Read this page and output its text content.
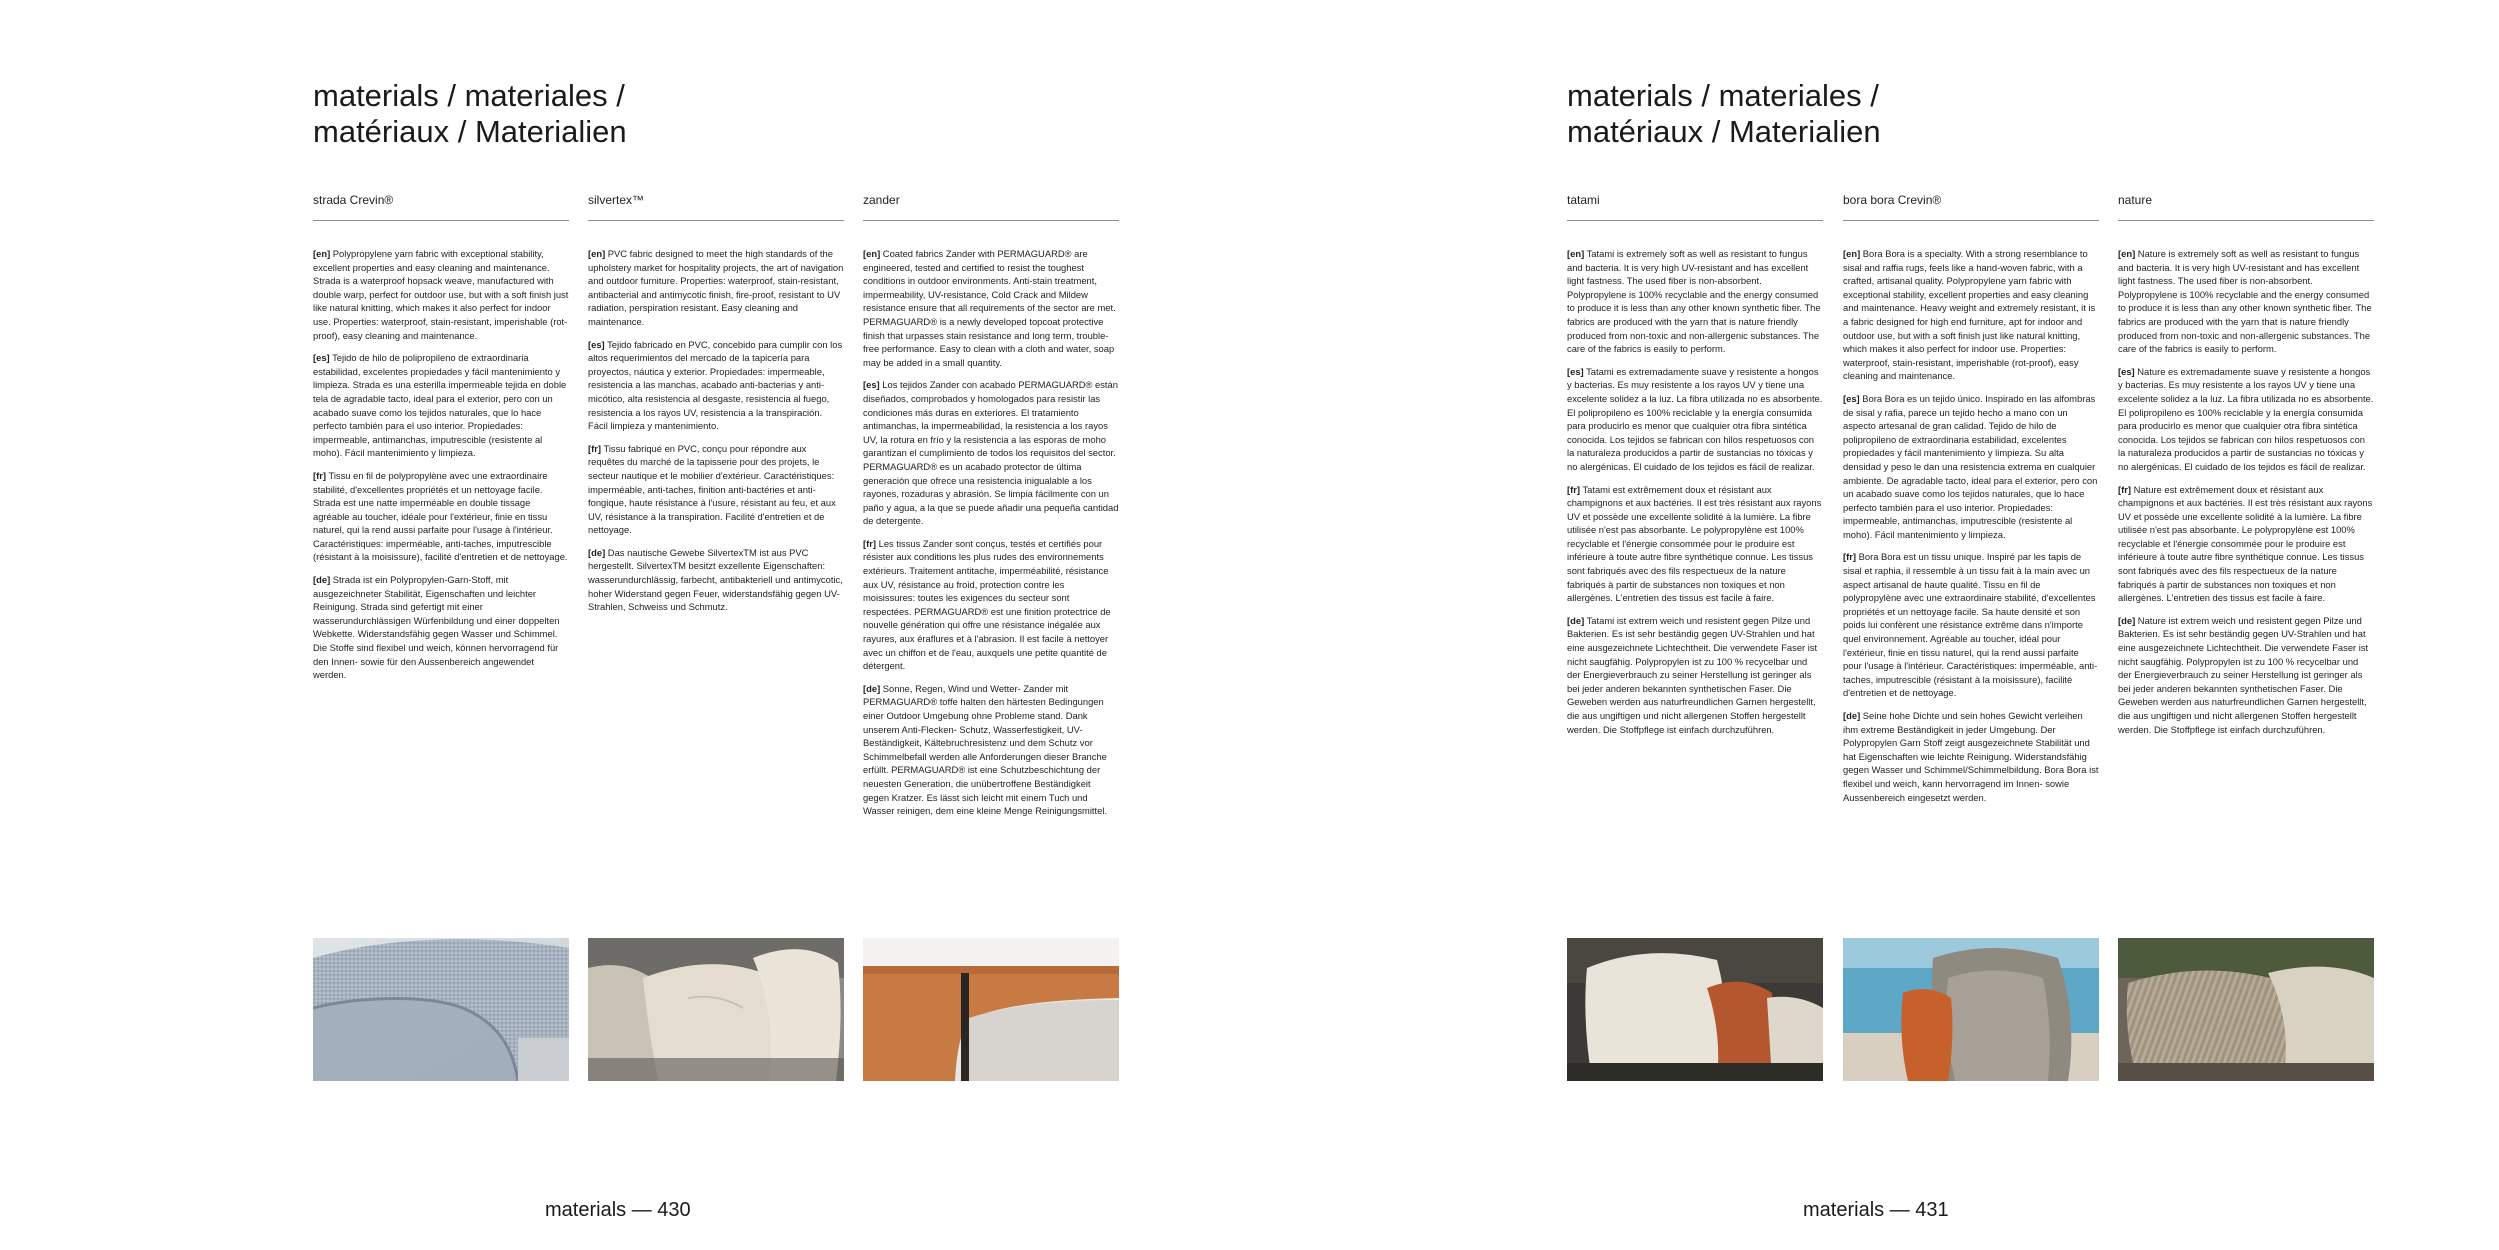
materials / materiales /
matériaux / Materialien
strada Crevin®

[en] Polypropylene yarn fabric with exceptional stability, excellent properties and easy cleaning and maintenance. Strada is a waterproof hopsack weave, manufactured with double warp, perfect for outdoor use, but with a soft finish just like natural knitting, which makes it also perfect for indoor use. Properties: waterproof, stain-resistant, imperishable (rot-proof), easy cleaning and maintenance.

[es] Tejido de hilo de polipropileno de extraordinaria estabilidad, excelentes propiedades y fácil mantenimiento y limpieza. Strada es una esterilla impermeable tejida en doble tela de agradable tacto, ideal para el exterior, pero con un acabado suave como los tejidos naturales, que lo hace perfecto también para el uso interior. Propiedades: impermeable, antimanchas, imputrescible (resistente al moho). Fácil mantenimiento y limpieza.

[fr] Tissu en fil de polypropylène avec une extraordinaire stabilité, d'excellentes propriétés et un nettoyage facile. Strada est une natte imperméable en double tissage agréable au toucher, idéale pour l'extérieur, finie en tissu naturel, qui la rend aussi parfaite pour l'usage à l'intérieur. Caractéristiques: imperméable, anti-taches, imputrescible (résistant à la moisissure), facilité d'entretien et de nettoyage.

[de] Strada ist ein Polypropylen-Garn-Stoff, mit ausgezeichneter Stabilität, Eigenschaften und leichter Reinigung. Strada sind gefertigt mit einer wasserundurchlässigen Würfenbildung und einer doppelten Webkette. Widerstandsfähig gegen Wasser und Schimmel. Die Stoffe sind flexibel und weich, können hervorragend für den Innen- sowie für den Aussenbereich angewendet werden.

silvertex™

[en] PVC fabric designed to meet the high standards of the upholstery market for hospitality projects, the art of navigation and outdoor furniture. Properties: waterproof, stain-resistant, antibacterial and antimycotic finish, fire-proof, resistant to UV radiation, perspiration resistant. Easy cleaning and maintenance.

[es] Tejido fabricado en PVC, concebido para cumplir con los altos requerimientos del mercado de la tapicería para proyectos, náutica y exterior. Propiedades: impermeable, resistencia a las manchas, acabado anti-bacterias y anti-micótico, alta resistencia al desgaste, resistencia al fuego, resistencia a los rayos UV, resistencia a la transpiración. Fácil limpieza y mantenimiento.

[fr] Tissu fabriqué en PVC, conçu pour répondre aux requêtes du marché de la tapisserie pour des projets, le secteur nautique et le mobilier d'extérieur. Caractéristiques: imperméable, anti-taches, finition anti-bactéries et anti-fongique, haute résistance à l'usure, résistant au feu, et aux UV, résistance à la transpiration. Facilité d'entretien et de nettoyage.

[de] Das nautische Gewebe SilvertexTM ist aus PVC hergestellt. SilvertexTM besitzt exzellente Eigenschaften: wasserundurchlässig, farbecht, antibakteriell und antimycotic, hoher Widerstand gegen Feuer, widerstandsfähig gegen UV-Strahlen, Schweiss und Schmutz.

zander

[en] Coated fabrics Zander with PERMAGUARD® are engineered, tested and certified to resist the toughest conditions in outdoor environments. Anti-stain treatment, impermeability, UV-resistance, Cold Crack and Mildew resistance ensure that all requirements of the sector are met. PERMAGUARD® is a newly developed topcoat protective finish that urpasses stain resistance and long term, trouble-free performance. Easy to clean with a cloth and water, soap may be added in a small quantity.

[es] Los tejidos Zander con acabado PERMAGUARD® están diseñados, comprobados y homologados para resistir las condiciones más duras en exteriores. El tratamiento antimanchas, la impermeabilidad, la resistencia a los rayos UV, la rotura en frío y la resistencia a las esporas de moho garantizan el cumplimiento de todos los requisitos del sector. PERMAGUARD® es un acabado protector de última generación que ofrece una resistencia inigualable a los rayones, rozaduras y abrasión. Se limpia fácilmente con un paño y agua, a la que se puede añadir una pequeña cantidad de detergente.

[fr] Les tissus Zander sont conçus, testés et certifiés pour résister aux conditions les plus rudes des environnements extérieurs. Traitement antitache, imperméabilité, résistance aux UV, résistance au froid, protection contre les moisissures: toutes les exigences du secteur sont respectées. PERMAGUARD® est une finition protectrice de nouvelle génération qui offre une résistance inégalée aux rayures, aux éraflures et à l'abrasion. Il est facile à nettoyer avec un chiffon et de l'eau, auxquels une petite quantité de détergent.

[de] Sonne, Regen, Wind und Wetter- Zander mit PERMAGUARD® toffe halten den härtesten Bedingungen einer Outdoor Umgebung ohne Probleme stand. Dank unserem Anti-Flecken- Schutz, Wasserfestigkeit, UV-Beständigkeit, Kältebruchresistenz und dem Schutz vor Schimmelbefall werden alle Anforderungen dieser Branche erfüllt. PERMAGUARD® ist eine Schutzbeschichtung der neuesten Generation, die unübertroffene Beständigkeit gegen Kratzer. Es lässt sich leicht mit einem Tuch und Wasser reinigen, dem eine kleine Menge Reinigungsmittel.

materials — 430
materials / materiales /
matériaux / Materialien
tatami

[en] Tatami is extremely soft as well as resistant to fungus and bacteria. It is very high UV-resistant and has excellent light fastness. The used fiber is non-absorbent. Polypropylene is 100% recyclable and the energy consumed to produce it is less than any other known synthetic fiber. The fabrics are produced with the yarn that is nature friendly produced from non-toxic and non-allergenic substances. The care of the fabrics is easily to perform.

[es] Tatami es extremadamente suave y resistente a hongos y bacterias. Es muy resistente a los rayos UV y tiene una excelente solidez a la luz. La fibra utilizada no es absorbente. El polipropileno es 100% reciclable y la energía consumida para producirlo es menor que cualquier otra fibra sintética conocida. Los tejidos se fabrican con hilos respetuosos con la naturaleza producidos a partir de sustancias no tóxicas y no alergénicas. El cuidado de los tejidos es fácil de realizar.

[fr] Tatami est extrêmement doux et résistant aux champignons et aux bactéries. Il est très résistant aux rayons UV et possède une excellente solidité à la lumière. La fibre utilisée n'est pas absorbante. Le polypropylène est 100% recyclable et l'énergie consommée pour le produire est inférieure à toute autre fibre synthétique connue. Les tissus sont fabriqués avec des fils respectueux de la nature fabriqués à partir de substances non toxiques et non allergènes. L'entretien des tissus est facile à faire.

[de] Tatami ist extrem weich und resistent gegen Pilze und Bakterien. Es ist sehr beständig gegen UV-Strahlen und hat eine ausgezeichnete Lichtechtheit. Die verwendete Faser ist nicht saugfähig. Polypropylen ist zu 100 % recycelbar und der Energieverbrauch zu seiner Herstellung ist geringer als bei jeder anderen bekannten synthetischen Faser. Die Geweben werden aus naturfreundlichen Garnen hergestellt, die aus ungiftigen und nicht allergenen Stoffen hergestellt werden. Die Stoffpflege ist einfach durchzuführen.

bora bora Crevin®

[en] Bora Bora is a specialty. With a strong resemblance to sisal and raffia rugs, feels like a hand-woven fabric, with a crafted, artisanal quality. Polypropylene yarn fabric with exceptional stability, excellent properties and easy cleaning and maintenance. Heavy weight and extremely resistant, it is a fabric designed for high end furniture, apt for indoor and outdoor use, but with a soft finish just like natural knitting, which makes it also perfect for indoor use. Properties: waterproof, stain-resistant, imperishable (rot-proof), easy cleaning and maintenance.

[es] Bora Bora es un tejido único. Inspirado en las alfombras de sisal y rafia, parece un tejido hecho a mano con un aspecto artesanal de gran calidad. Tejido de hilo de polipropileno de extraordinaria estabilidad, excelentes propiedades y fácil mantenimiento y limpieza. Su alta densidad y peso le dan una resistencia extrema en cualquier ambiente. De agradable tacto, ideal para el exterior, pero con un acabado suave como los tejidos naturales, que lo hace perfecto también para el uso interior. Propiedades: impermeable, antimanchas, imputrescible (resistente al moho). Fácil mantenimiento y limpieza.

[fr] Bora Bora est un tissu unique. Inspiré par les tapis de sisal et raphia, il ressemble à un tissu fait à la main avec un aspect artisanal de haute qualité. Tissu en fil de polypropylène avec une extraordinaire stabilité, d'excellentes propriétés et un nettoyage facile. Sa haute densité et son poids lui confèrent une résistance extrême dans n'importe quel environnement. Agréable au toucher, idéal pour l'extérieur, finie en tissu naturel, qui la rend aussi parfaite pour l'usage à l'intérieur. Caractéristiques: imperméable, anti- taches, imputrescible (résistant à la moisissure), facilité d'entretien et de nettoyage.

[de] Seine hohe Dichte und sein hohes Gewicht verleihen ihm extreme Beständigkeit in jeder Umgebung. Der Polypropylen Garn Stoff zeigt ausgezeichnete Stabilität und hat Eigenschaften wie leichte Reinigung. Widerstandsfähig gegen Wasser und Schimmel/Schimmelbildung. Bora Bora ist flexibel und weich, kann hervorragend im Innen- sowie Aussenbereich eingesetzt werden.

nature

[en] Nature is extremely soft as well as resistant to fungus and bacteria. It is very high UV-resistant and has excellent light fastness. The used fiber is non-absorbent. Polypropylene is 100% recyclable and the energy consumed to produce it is less than any other known synthetic fiber. The fabrics are produced with the yarn that is nature friendly produced from non-toxic and non-allergenic substances. The care of the fabrics is easily to perform.

[es] Nature es extremadamente suave y resistente a hongos y bacterias. Es muy resistente a los rayos UV y tiene una excelente solidez a la luz. La fibra utilizada no es absorbente. El polipropileno es 100% reciclable y la energía consumida para producirlo es menor que cualquier otra fibra sintética conocida. Los tejidos se fabrican con hilos respetuosos con la naturaleza producidos a partir de sustancias no tóxicas y no alergénicas. El cuidado de los tejidos es fácil de realizar.

[fr] Nature est extrêmement doux et résistant aux champignons et aux bactéries. Il est très résistant aux rayons UV et possède une excellente solidité à la lumière. La fibre utilisée n'est pas absorbante. Le polypropylène est 100% recyclable et l'énergie consommée pour le produire est inférieure à toute autre fibre synthétique connue. Les tissus sont fabriqués avec des fils respectueux de la nature fabriqués à partir de substances non toxiques et non allergènes. L'entretien des tissus est facile à faire.

[de] Nature ist extrem weich und resistent gegen Pilze und Bakterien. Es ist sehr beständig gegen UV-Strahlen und hat eine ausgezeichnete Lichtechtheit. Die verwendete Faser ist nicht saugfähig. Polypropylen ist zu 100 % recycelbar und der Energieverbrauch zu seiner Herstellung ist geringer als bei jeder anderen bekannten synthetischen Faser. Die Geweben werden aus naturfreundlichen Garnen hergestellt, die aus ungiftigen und nicht allergenen Stoffen hergestellt werden. Die Stoffpflege ist einfach durchzuführen.

materials — 431
